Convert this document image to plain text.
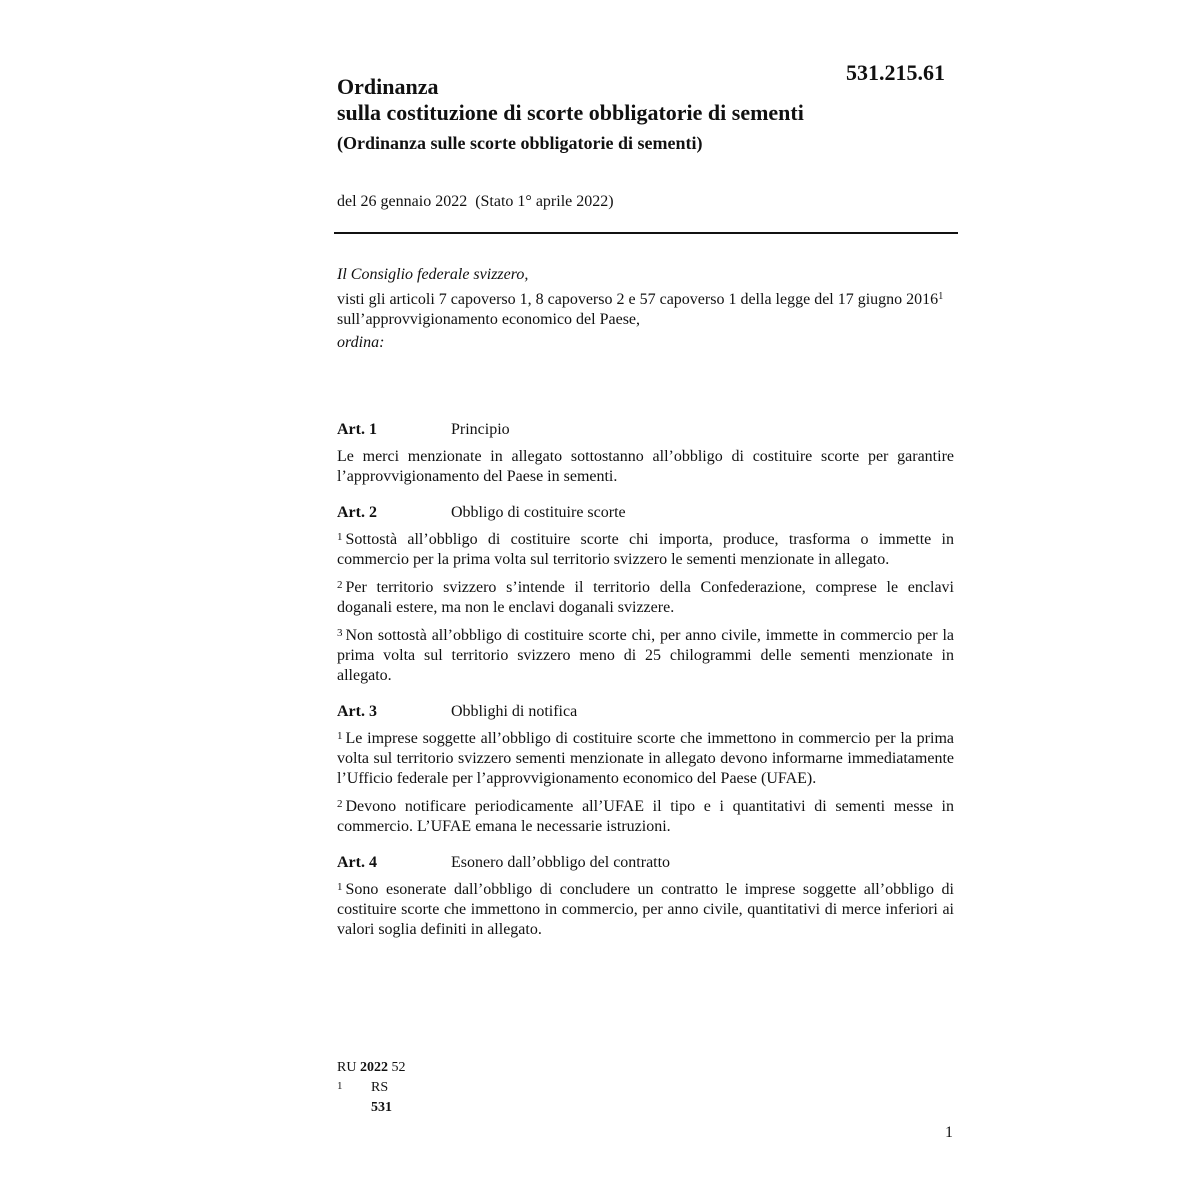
531.215.61
Ordinanza
sulla costituzione di scorte obbligatorie di sementi
(Ordinanza sulle scorte obbligatorie di sementi)
del 26 gennaio 2022  (Stato 1° aprile 2022)
Il Consiglio federale svizzero,
visti gli articoli 7 capoverso 1, 8 capoverso 2 e 57 capoverso 1 della legge del 17 giugno 2016$^1$ sull’approvvigionamento economico del Paese,
ordina:
Art. 1	Principio

Le merci menzionate in allegato sottostanno all’obbligo di costituire scorte per garantire l’approvvigionamento del Paese in sementi.

Art. 2	Obbligo di costituire scorte

$^1$ Sottostà all’obbligo di costituire scorte chi importa, produce, trasforma o immette in commercio per la prima volta sul territorio svizzero le sementi menzionate in allegato.

$^2$ Per territorio svizzero s’intende il territorio della Confederazione, comprese le enclavi doganali estere, ma non le enclavi doganali svizzere.

$^3$ Non sottostà all’obbligo di costituire scorte chi, per anno civile, immette in commercio per la prima volta sul territorio svizzero meno di 25 chilogrammi delle sementi menzionate in allegato.

Art. 3	Obblighi di notifica

$^1$ Le imprese soggette all’obbligo di costituire scorte che immettono in commercio per la prima volta sul territorio svizzero sementi menzionate in allegato devono informarne immediatamente l’Ufficio federale per l’approvvigionamento economico del Paese (UFAE).

$^2$ Devono notificare periodicamente all’UFAE il tipo e i quantitativi di sementi messe in commercio. L’UFAE emana le necessarie istruzioni.

Art. 4	Esonero dall’obbligo del contratto

$^1$ Sono esonerate dall’obbligo di concludere un contratto le imprese soggette all’obbligo di costituire scorte che immettono in commercio, per anno civile, quantitativi di merce inferiori ai valori soglia definiti in allegato.

RU 2022 52
1 RS 531
1
